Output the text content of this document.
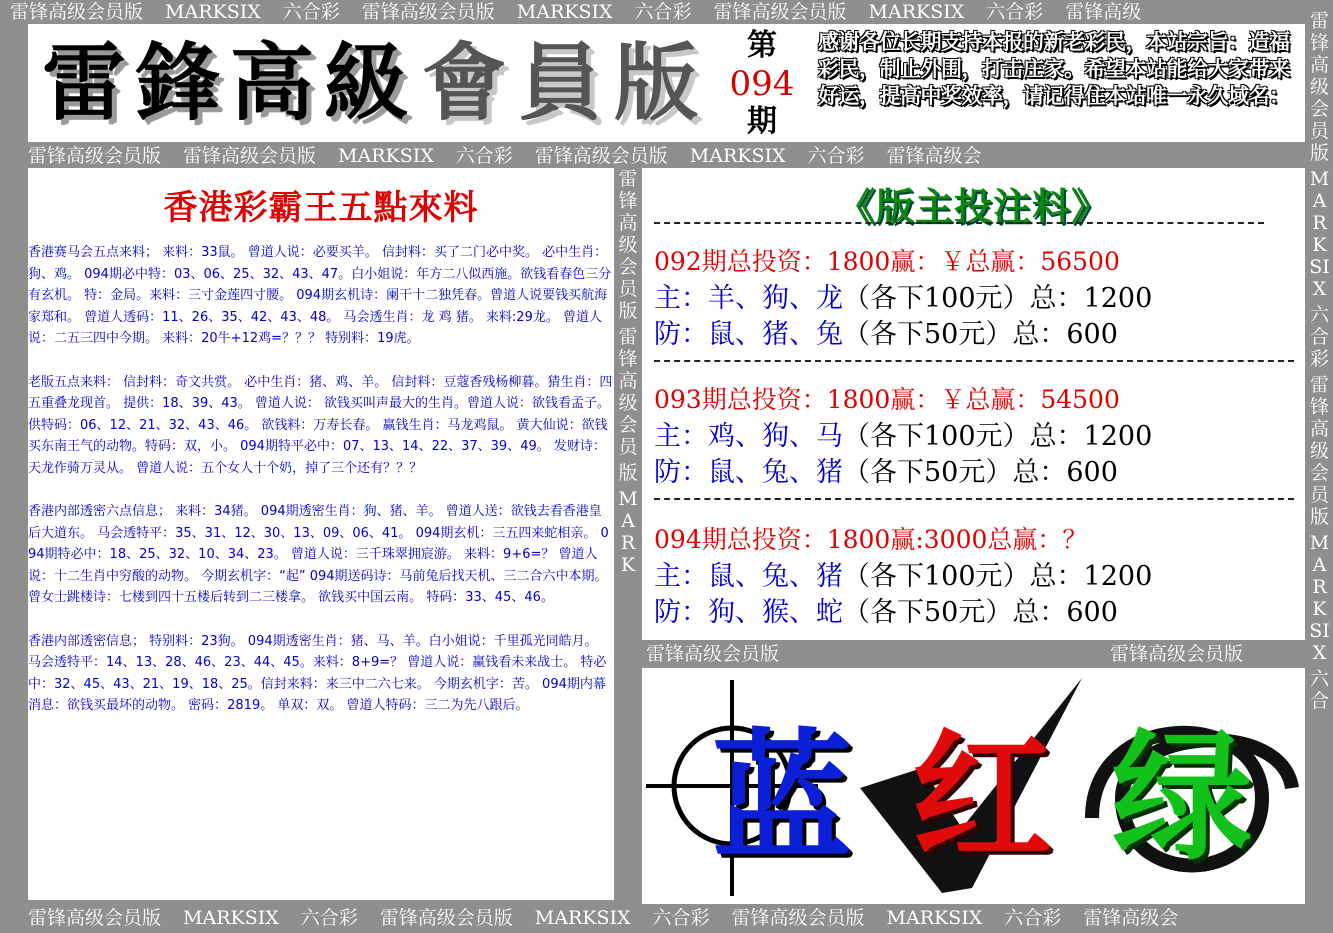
雷锋高级会员版 MARKSIX 六合彩 雷锋高级会员版 MARKSIX 六合彩 雷锋高级会员版 MARKSIX 六合彩 雷锋高级
雷 鋒 高 級 會 員 版	第
094
期
感谢各位长期支持本报的新老彩民，本站宗旨：造福彩民，制止外围，打击庄家。希望本站能给大家带来好运，提高中奖效率，请记得住本站唯一永久域名：
雷锋高级会员版 雷锋高级会员版 MARKSIX 六合彩 雷锋高级会员版 MARKSIX 六合彩 雷锋高级会
香港彩霸王五點來料
香港赛马会五点来料； 来料：33鼠。 曾道人说：必要买羊。 信封料：买了二门必中奖。 必中生肖：狗、鸡。 094期必中特：03、06、25、32、43、47。白小姐说：年方二八似西施。欲钱看春色三分有玄机。 特：金局。来料：三寸金莲四寸腰。 094期玄机诗：阑干十二独凭春。曾道人说要钱买航海家郑和。 曾道人透码：11、26、35、42、43、48。 马会透生肖：龙 鸡 猪。 来料:29龙。 曾道人说：二五三四中今期。 来料：20牛+12鸡=？？？ 特别料：19虎。
老版五点来料： 信封料：奇文共赏。 必中生肖：猪、鸡、羊。 信封料：豆蔻香残杨柳暮。猜生肖：四五重叠龙现首。 提供：18、39、43。 曾道人说： 欲钱买叫声最大的生肖。曾道人说：欲钱看孟子。 供特码：06、12、21、32、43、46。 欲钱料：万寿长春。 赢钱生肖：马龙鸡鼠。 黄大仙说：欲钱买东南王气的动物。特码：双，小。 094期特平必中：07、13、14、22、37、39、49。 发财诗：天龙作骑万灵从。 曾道人说：五个女人十个奶，掉了三个还有？？？
香港内部透密六点信息； 来料：34猪。 094期透密生肖：狗、猪、羊。 曾道人送：欲钱去看香港皇后大道东。 马会透特平：35、31、12、30、13、09、06、41。 094期玄机：三五四来蛇相亲。 094期特必中：18、25、32、10、34、23。 曾道人说：三千珠翠拥宸游。 来料：9+6=？ 曾道人说：十二生肖中穷酸的动物。 今期玄机字：“起” 094期送码诗：马前兔后找天机、三二合六中本期。 曾女士跳楼诗：七楼到四十五楼后转到二三楼拿。 欲钱买中国云南。 特码：33、45、46。
香港内部透密信息； 特别料：23狗。 094期透密生肖：猪、马、羊。白小姐说：千里孤光同皓月。 马会透特平：14、13、28、46、23、44、45。来料：8+9=？ 曾道人说：赢钱看未来战士。 特必中：32、45、43、21、19、18、25。信封来料：来三中二六七来。 今期玄机字：苦。 094期内幕消息：欲钱买最坏的动物。 密码：2819。 单双：双。 曾道人特码：三二为先八跟后。
雷锋高级会员版
雷锋高级会员
版
MARK
《版主投注料》
092期总投资：1800赢：￥总赢：56500
主：羊、狗、龙（各下100元）总：1200
防：鼠、猪、兔（各下50元）总：600
093期总投资：1800赢：￥总赢：54500
主：鸡、狗、马（各下100元）总：1200
防：鼠、兔、猪（各下50元）总：600
094期总投资：1800赢:3000总赢：？
主：鼠、兔、猪（各下100元）总：1200
防：狗、猴、蛇（各下50元）总：600
雷锋高级会员版	雷锋高级会员版
蓝 红 绿
雷锋高级会员版
MARKSIX
六合彩
雷锋高级会员版
MARKSIX
六合
雷锋高级会员版 MARKSIX 六合彩 雷锋高级会员版 MARKSIX 六合彩 雷锋高级会员版 MARKSIX 六合彩 雷锋高级会
